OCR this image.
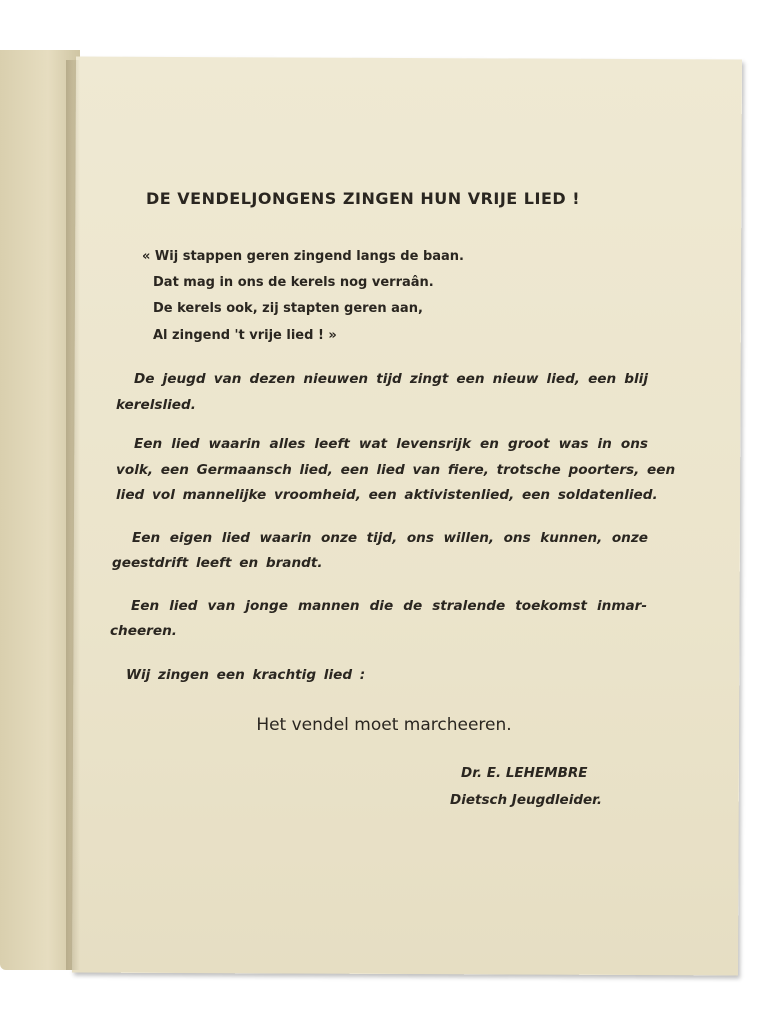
DE VENDELJONGENS ZINGEN HUN VRIJE LIED !
« Wij stappen geren zingend langs de baan.
Dat mag in ons de kerels nog verraân.
De kerels ook, zij stapten geren aan,
Al zingend 't vrije lied ! »
De jeugd van dezen nieuwen tijd zingt een nieuw lied, een blij
kerelslied.
Een lied waarin alles leeft wat levensrijk en groot was in ons
volk, een Germaansch lied, een lied van fiere, trotsche poorters, een
lied vol mannelijke vroomheid, een aktivistenlied, een soldatenlied.
Een eigen lied waarin onze tijd, ons willen, ons kunnen, onze
geestdrift leeft en brandt.
Een lied van jonge mannen die de stralende toekomst inmar-
cheeren.
Wij zingen een krachtig lied :
Het vendel moet marcheeren.
Dr. E. LEHEMBRE
Dietsch Jeugdleider.
